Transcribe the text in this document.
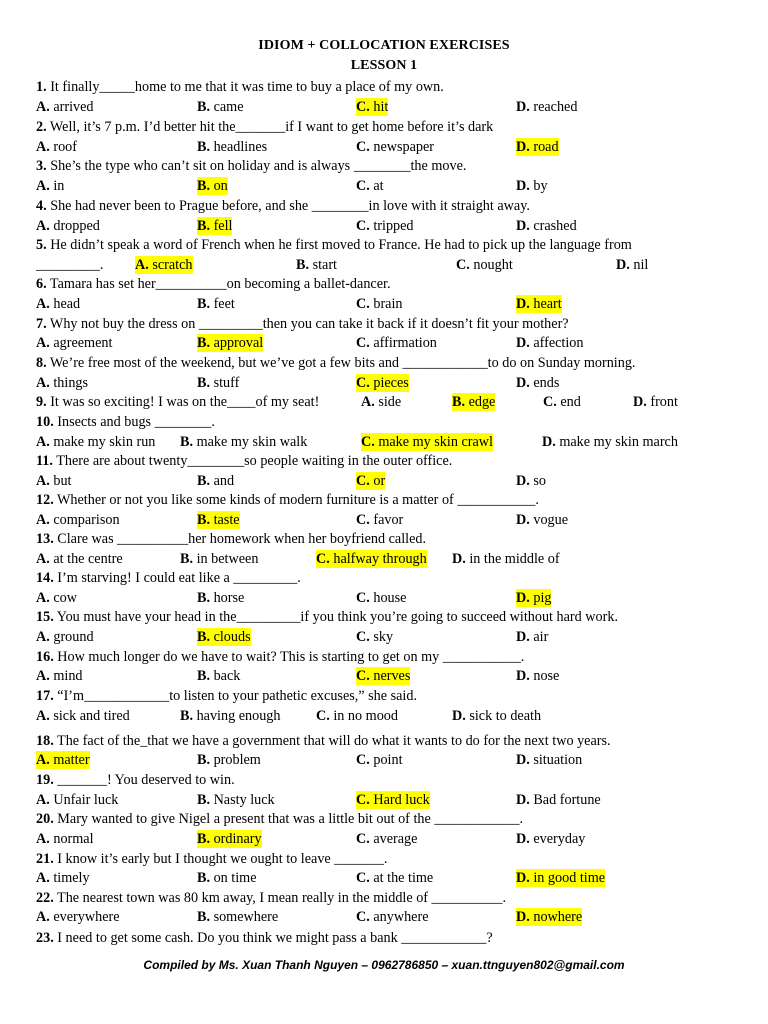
IDIOM + COLLOCATION EXERCISES
LESSON 1
1. It finally_____home to me that it was time to buy a place of my own.
A. arrived	B. came	C. hit	D. reached
2. Well, it’s 7 p.m. I’d better hit the_______if I want to get home before it’s dark
A. roof	B. headlines	C. newspaper	D. road
3. She’s the type who can’t sit on holiday and is always ________the move.
A. in	B. on	C. at	D. by
4. She had never been to Prague before, and she ________in love with it straight away.
A. dropped	B. fell	C. tripped	D. crashed
5. He didn’t speak a word of French when he first moved to France. He had to pick up the language from
_________. A. scratch	B. start	C. nought	D. nil
6. Tamara has set her__________on becoming a ballet-dancer.
A. head	B. feet	C. brain	D. heart
7. Why not buy the dress on _________then you can take it back if it doesn’t fit your mother?
A. agreement	B. approval	C. affirmation	D. affection
8. We’re free most of the weekend, but we’ve got a few bits and ____________to do on Sunday morning.
A. things	B. stuff	C. pieces	D. ends
9. It was so exciting! I was on the____of my seat!	A. side	B. edge	C. end	D. front
10. Insects and bugs ________.
A. make my skin run B. make my skin walk	C. make my skin crawl	D. make my skin march
11. There are about twenty________so people waiting in the outer office.
A. but	B. and	C. or	D. so
12. Whether or not you like some kinds of modern furniture is a matter of ___________.
A. comparison	B. taste	C. favor	D. vogue
13. Clare was __________her homework when her boyfriend called.
A. at the centre	B. in between	C. halfway through D. in the middle of
14. I’m starving! I could eat like a _________.
A. cow	B. horse	C. house	D. pig
15. You must have your head in the_________if you think you’re going to succeed without hard work.
A. ground	B. clouds	C. sky	D. air
16. How much longer do we have to wait? This is starting to get on my ___________.
A. mind	B. back	C. nerves	D. nose
17. “I’m____________to listen to your pathetic excuses,” she said.
A. sick and tired	B. having enough	C. in no mood	D. sick to death
18. The fact of the_that we have a government that will do what it wants to do for the next two years.
A. matter	B. problem	C. point	D. situation
19. _______! You deserved to win.
A. Unfair luck	B. Nasty luck	C. Hard luck	D. Bad fortune
20. Mary wanted to give Nigel a present that was a little bit out of the ____________.
A. normal	B. ordinary	C. average	D. everyday
21. I know it’s early but I thought we ought to leave _______.
A. timely	B. on time	C. at the time	D. in good time
22. The nearest town was 80 km away, I mean really in the middle of __________.
A. everywhere	B. somewhere	C. anywhere	D. nowhere
23. I need to get some cash. Do you think we might pass a bank ____________?
Compiled by Ms. Xuan Thanh Nguyen – 0962786850 – xuan.ttnguyen802@gmail.com
